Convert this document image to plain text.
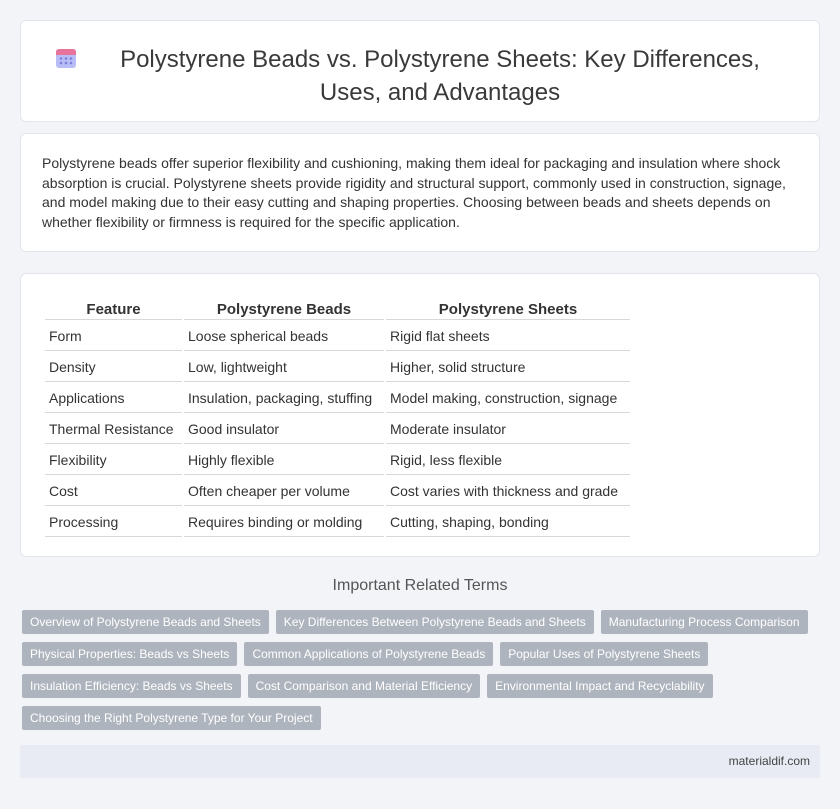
Polystyrene Beads vs. Polystyrene Sheets: Key Differences, Uses, and Advantages

Polystyrene beads offer superior flexibility and cushioning, making them ideal for packaging and insulation where shock absorption is crucial. Polystyrene sheets provide rigidity and structural support, commonly used in construction, signage, and model making due to their easy cutting and shaping properties. Choosing between beads and sheets depends on whether flexibility or firmness is required for the specific application.

Feature	Polystyrene Beads	Polystyrene Sheets
Form	Loose spherical beads	Rigid flat sheets
Density	Low, lightweight	Higher, solid structure
Applications	Insulation, packaging, stuffing	Model making, construction, signage
Thermal Resistance	Good insulator	Moderate insulator
Flexibility	Highly flexible	Rigid, less flexible
Cost	Often cheaper per volume	Cost varies with thickness and grade
Processing	Requires binding or molding	Cutting, shaping, bonding
Important Related Terms
Overview of Polystyrene Beads and Sheets	Key Differences Between Polystyrene Beads and Sheets	Manufacturing Process Comparison
Physical Properties: Beads vs Sheets	Common Applications of Polystyrene Beads	Popular Uses of Polystyrene Sheets
Insulation Efficiency: Beads vs Sheets	Cost Comparison and Material Efficiency	Environmental Impact and Recyclability
Choosing the Right Polystyrene Type for Your Project
materialdif.com
